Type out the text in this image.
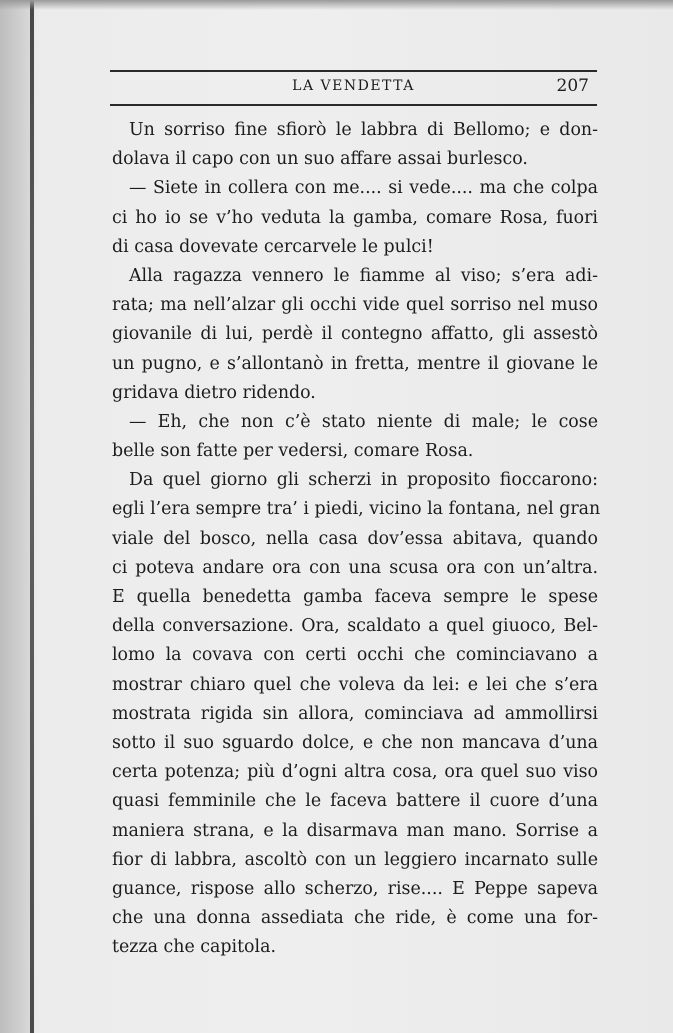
LA VENDETTA	207
Un sorriso fine sfiorò le labbra di Bellomo; e don-
dolava il capo con un suo affare assai burlesco.
— Siete in collera con me.... si vede.... ma che colpa
ci ho io se v’ho veduta la gamba, comare Rosa, fuori
di casa dovevate cercarvele le pulci!
Alla ragazza vennero le fiamme al viso; s’era adi-
rata; ma nell’alzar gli occhi vide quel sorriso nel muso
giovanile di lui, perdè il contegno affatto, gli assestò
un pugno, e s’allontanò in fretta, mentre il giovane le
gridava dietro ridendo.
— Eh, che non c’è stato niente di male; le cose
belle son fatte per vedersi, comare Rosa.
Da quel giorno gli scherzi in proposito fioccarono:
egli l’era sempre tra’ i piedi, vicino la fontana, nel gran
viale del bosco, nella casa dov’essa abitava, quando
ci poteva andare ora con una scusa ora con un’altra.
E quella benedetta gamba faceva sempre le spese
della conversazione. Ora, scaldato a quel giuoco, Bel-
lomo la covava con certi occhi che cominciavano a
mostrar chiaro quel che voleva da lei: e lei che s’era
mostrata rigida sin allora, cominciava ad ammollirsi
sotto il suo sguardo dolce, e che non mancava d’una
certa potenza; più d’ogni altra cosa, ora quel suo viso
quasi femminile che le faceva battere il cuore d’una
maniera strana, e la disarmava man mano. Sorrise a
fior di labbra, ascoltò con un leggiero incarnato sulle
guance, rispose allo scherzo, rise.... E Peppe sapeva
che una donna assediata che ride, è come una for-
tezza che capitola.
